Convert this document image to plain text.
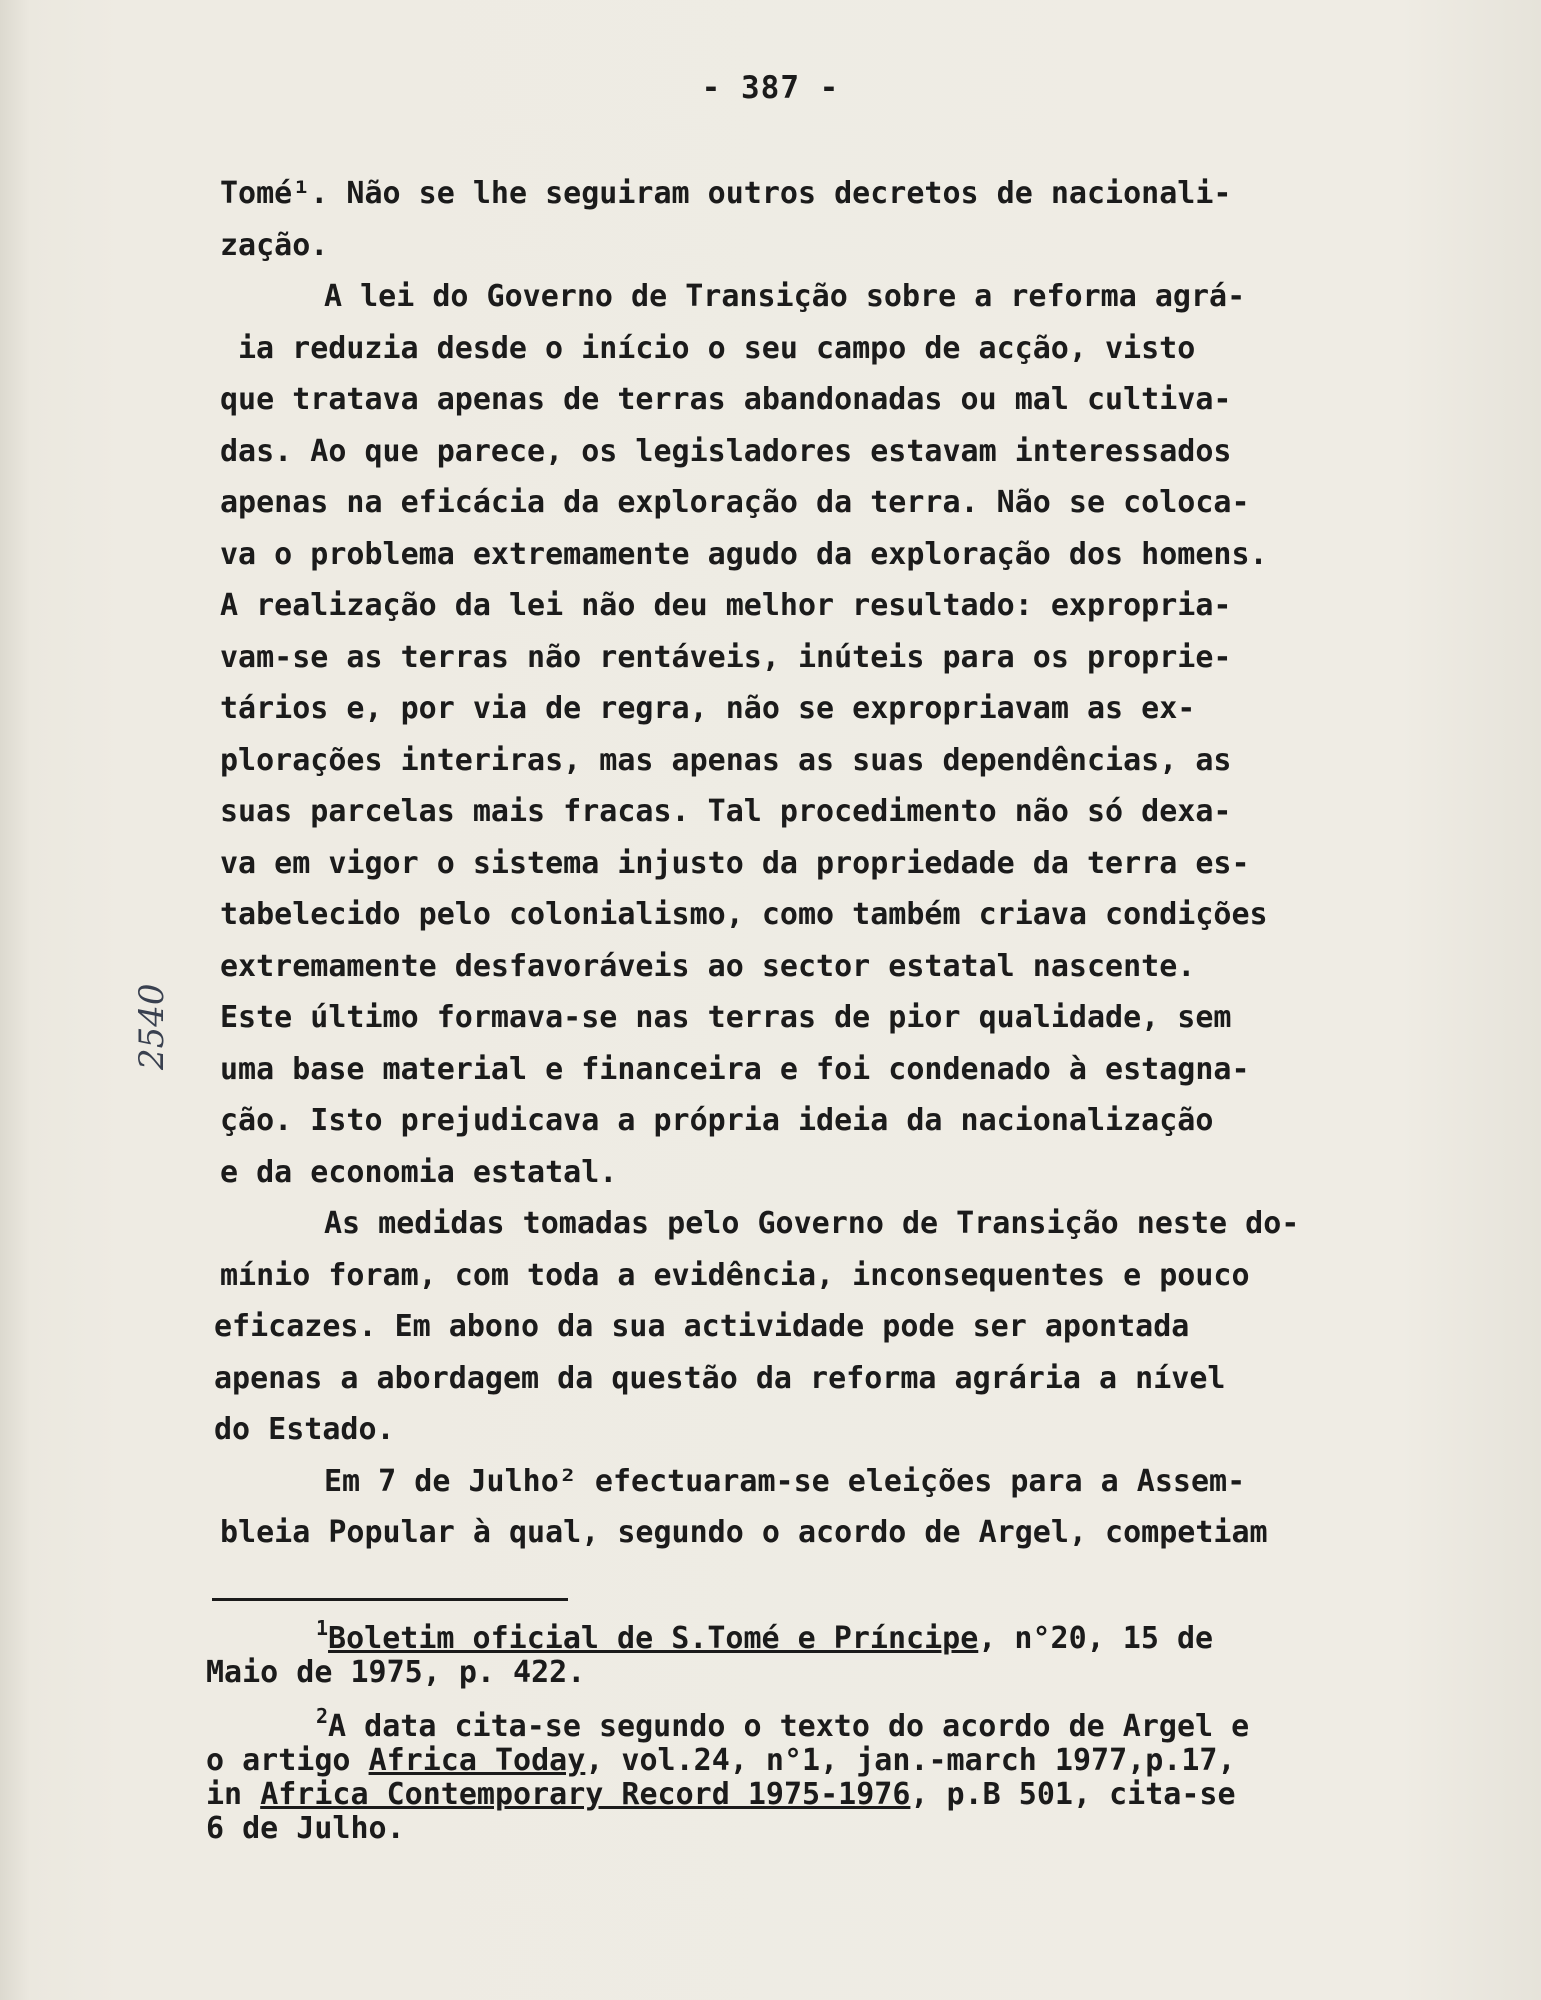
- 387 -
2540
Tomé¹. Não se lhe seguiram outros decretos de nacionali-
zação.
A lei do Governo de Transição sobre a reforma agrá-
ia reduzia desde o início o seu campo de acção, visto
que tratava apenas de terras abandonadas ou mal cultiva-
das. Ao que parece, os legisladores estavam interessados
apenas na eficácia da exploração da terra. Não se coloca-
va o problema extremamente agudo da exploração dos homens.
A realização da lei não deu melhor resultado: expropria-
vam-se as terras não rentáveis, inúteis para os proprie-
tários e, por via de regra, não se expropriavam as ex-
plorações interiras, mas apenas as suas dependências, as
suas parcelas mais fracas. Tal procedimento não só dexa-
va em vigor o sistema injusto da propriedade da terra es-
tabelecido pelo colonialismo, como também criava condições
extremamente desfavoráveis ao sector estatal nascente.
Este último formava-se nas terras de pior qualidade, sem
uma base material e financeira e foi condenado à estagna-
ção. Isto prejudicava a própria ideia da nacionalização
e da economia estatal.
As medidas tomadas pelo Governo de Transição neste do-
mínio foram, com toda a evidência, inconsequentes e pouco
eficazes. Em abono da sua actividade pode ser apontada
apenas a abordagem da questão da reforma agrária a nível
do Estado.
Em 7 de Julho² efectuaram-se eleições para a Assem-
bleia Popular à qual, segundo o acordo de Argel, competiam
$^1$Boletim oficial de S.Tomé e Príncipe, n°20, 15 de
Maio de 1975, p. 422.
$^2$A data cita-se segundo o texto do acordo de Argel e
o artigo Africa Today, vol.24, n°1, jan.-march 1977,p.17,
in Africa Contemporary Record 1975-1976, p.B 501, cita-se
6 de Julho.
